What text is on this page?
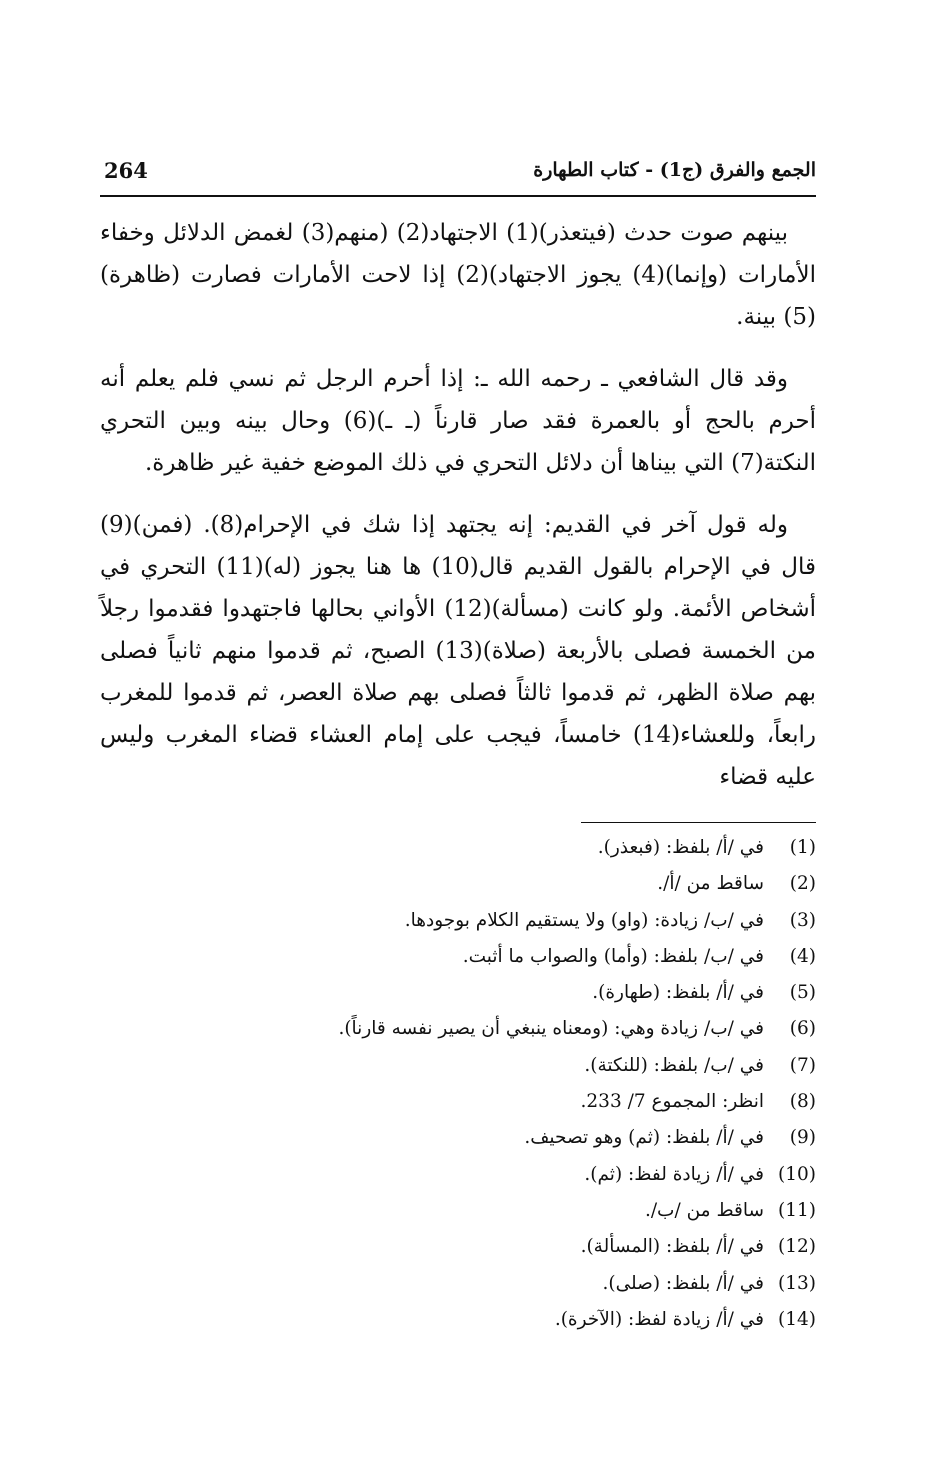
264	الجمع والفرق (ج1) - كتاب الطهارة

بينهم صوت حدث (فيتعذر)(1) الاجتهاد(2) (منهم(3) لغمض الدلائل وخفاء الأمارات (وإنما)(4) يجوز الاجتهاد)(2) إذا لاحت الأمارات فصارت (ظاهرة)(5) بينة.

وقد قال الشافعي ـ رحمه الله ـ: إذا أحرم الرجل ثم نسي فلم يعلم أنه أحرم بالحج أو بالعمرة فقد صار قارناً (ـ ـ)(6) وحال بينه وبين التحري النكتة(7) التي بيناها أن دلائل التحري في ذلك الموضع خفية غير ظاهرة.

وله قول آخر في القديم: إنه يجتهد إذا شك في الإحرام(8). (فمن)(9) قال في الإحرام بالقول القديم قال(10) ها هنا يجوز (له)(11) التحري في أشخاص الأئمة. ولو كانت (مسألة)(12) الأواني بحالها فاجتهدوا فقدموا رجلاً من الخمسة فصلى بالأربعة (صلاة)(13) الصبح، ثم قدموا منهم ثانياً فصلى بهم صلاة الظهر، ثم قدموا ثالثاً فصلى بهم صلاة العصر، ثم قدموا للمغرب رابعاً، وللعشاء(14) خامساً، فيجب على إمام العشاء قضاء المغرب وليس عليه قضاء

(1)في /أ/ بلفظ: (فبعذر).
(2)ساقط من /أ/.
(3)في /ب/ زيادة: (واو) ولا يستقيم الكلام بوجودها.
(4)في /ب/ بلفظ: (وأما) والصواب ما أثبت.
(5)في /أ/ بلفظ: (طهارة).
(6)في /ب/ زيادة وهي: (ومعناه ينبغي أن يصير نفسه قارناً).
(7)في /ب/ بلفظ: (للنكتة).
(8)انظر: المجموع 7/ 233.
(9)في /أ/ بلفظ: (ثم) وهو تصحيف.
(10)في /أ/ زيادة لفظ: (ثم).
(11)ساقط من /ب/.
(12)في /أ/ بلفظ: (المسألة).
(13)في /أ/ بلفظ: (صلى).
(14)في /أ/ زيادة لفظ: (الآخرة).
